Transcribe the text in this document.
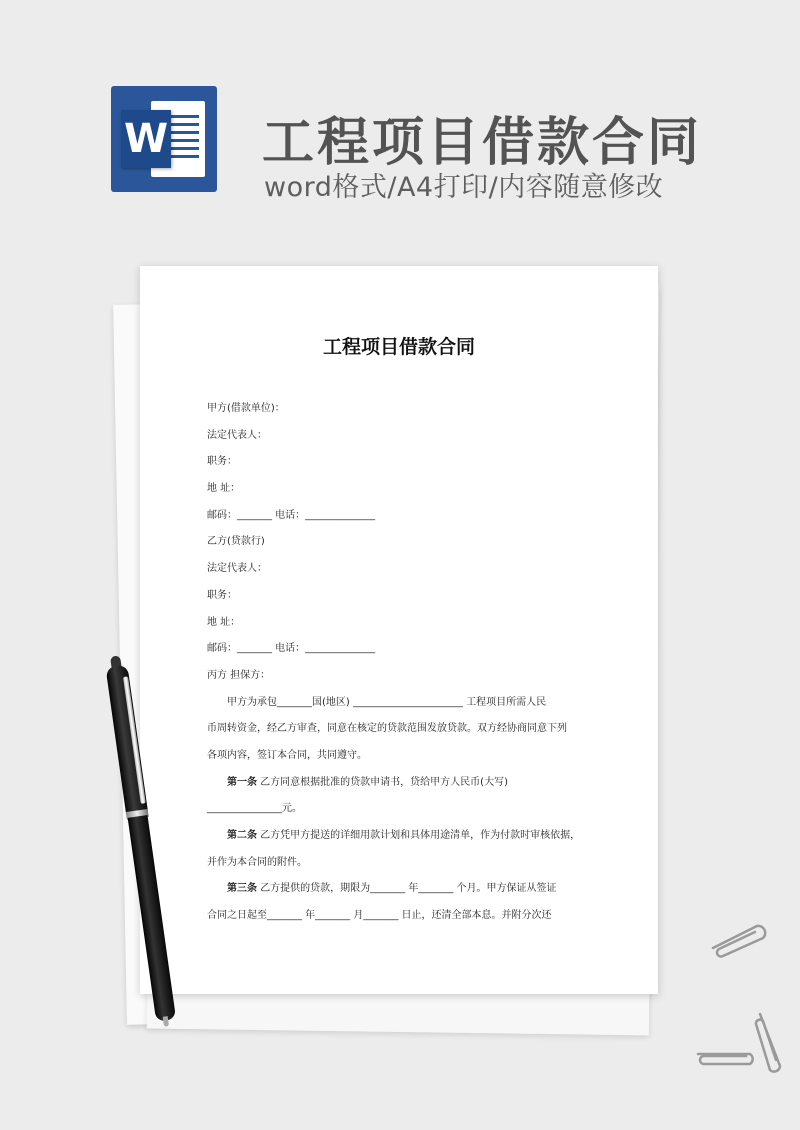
W 工程项目借款合同
word格式/A4打印/内容随意修改
工程项目借款合同
甲方(借款单位)：
法定代表人：
职务：
地 址：
邮码：_______ 电话：______________
乙方(贷款行)
法定代表人：
职务：
地 址：
邮码：_______ 电话：______________
丙方 担保方：
甲方为承包_______国(地区) ______________________ 工程项目所需人民
币周转资金，经乙方审查，同意在核定的贷款范围发放贷款。双方经协商同意下列
各项内容，签订本合同，共同遵守。
第一条 乙方同意根据批准的贷款申请书，贷给甲方人民币(大写)
_______________元。
第二条 乙方凭甲方提送的详细用款计划和具体用途清单，作为付款时审核依据，
并作为本合同的附件。
第三条 乙方提供的贷款，期限为_______ 年_______ 个月。甲方保证从签证
合同之日起至_______ 年_______ 月_______ 日止，还清全部本息。并附分次还
